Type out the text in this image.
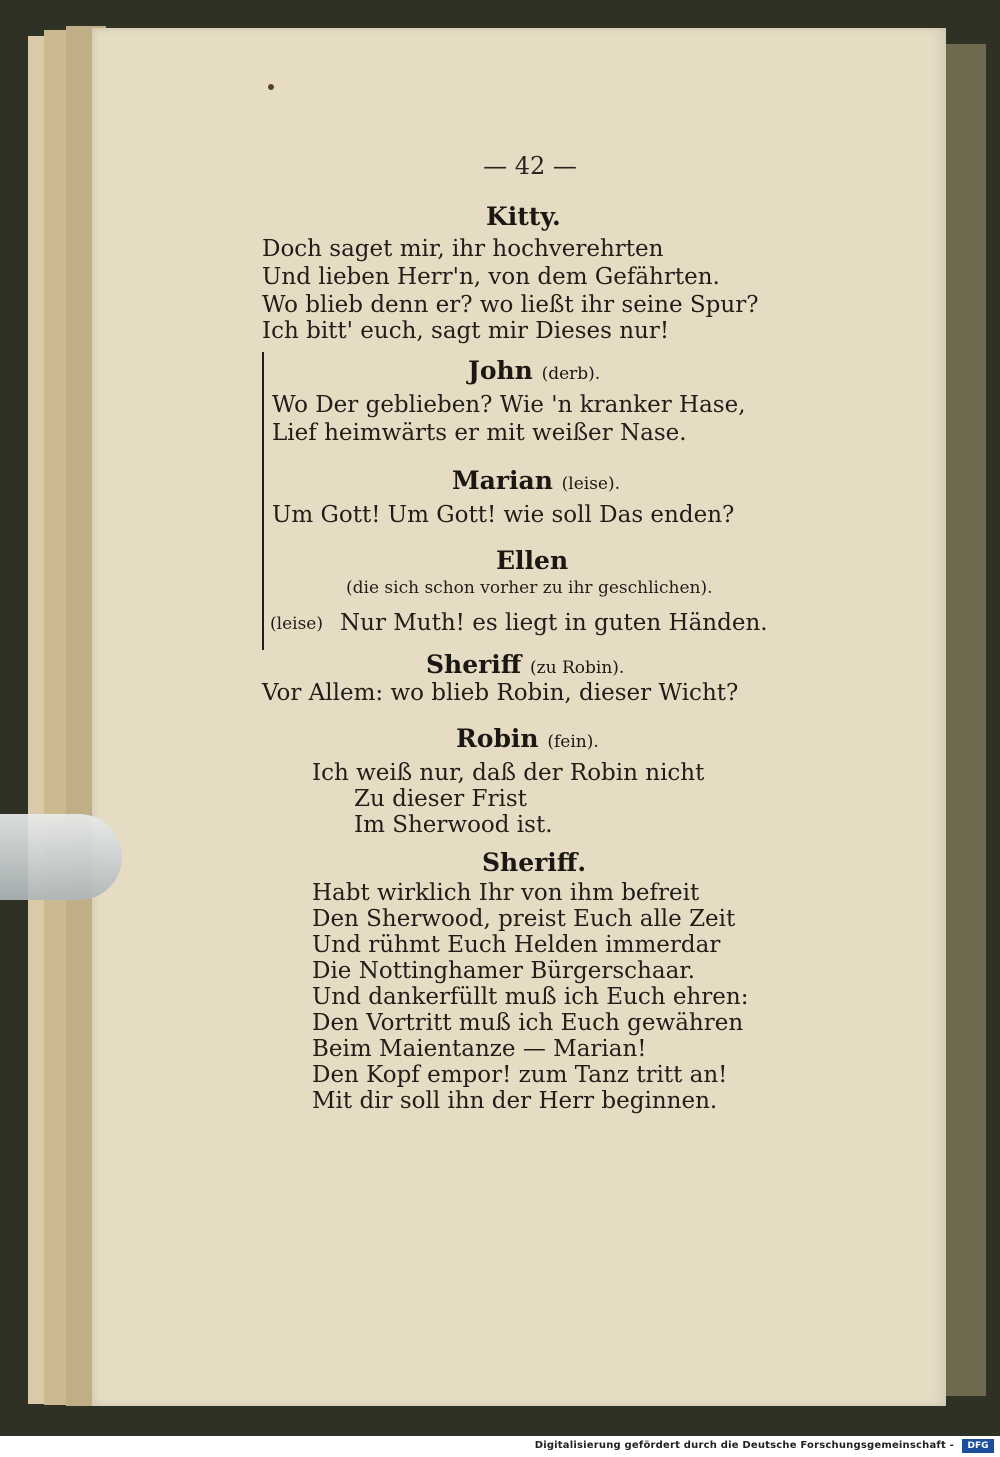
— 42 —
Kitty.
Doch saget mir, ihr hochverehrten
Und lieben Herr'n, von dem Gefährten.
Wo blieb denn er? wo ließt ihr seine Spur?
Ich bitt' euch, sagt mir Dieses nur!
John (derb).
Wo Der geblieben? Wie 'n kranker Hase,
Lief heimwärts er mit weißer Nase.
Marian (leise).
Um Gott! Um Gott! wie soll Das enden?
Ellen
(die sich schon vorher zu ihr geschlichen).
(leise) Nur Muth! es liegt in guten Händen.
Sheriff (zu Robin).
Vor Allem: wo blieb Robin, dieser Wicht?
Robin (fein).
Ich weiß nur, daß der Robin nicht
Zu dieser Frist
Im Sherwood ist.
Sheriff.
Habt wirklich Ihr von ihm befreit
Den Sherwood, preist Euch alle Zeit
Und rühmt Euch Helden immerdar
Die Nottinghamer Bürgerschaar.
Und dankerfüllt muß ich Euch ehren:
Den Vortritt muß ich Euch gewähren
Beim Maientanze — Marian!
Den Kopf empor! zum Tanz tritt an!
Mit dir soll ihn der Herr beginnen.
Digitalisierung gefördert durch die Deutsche Forschungsgemeinschaft -	DFG
